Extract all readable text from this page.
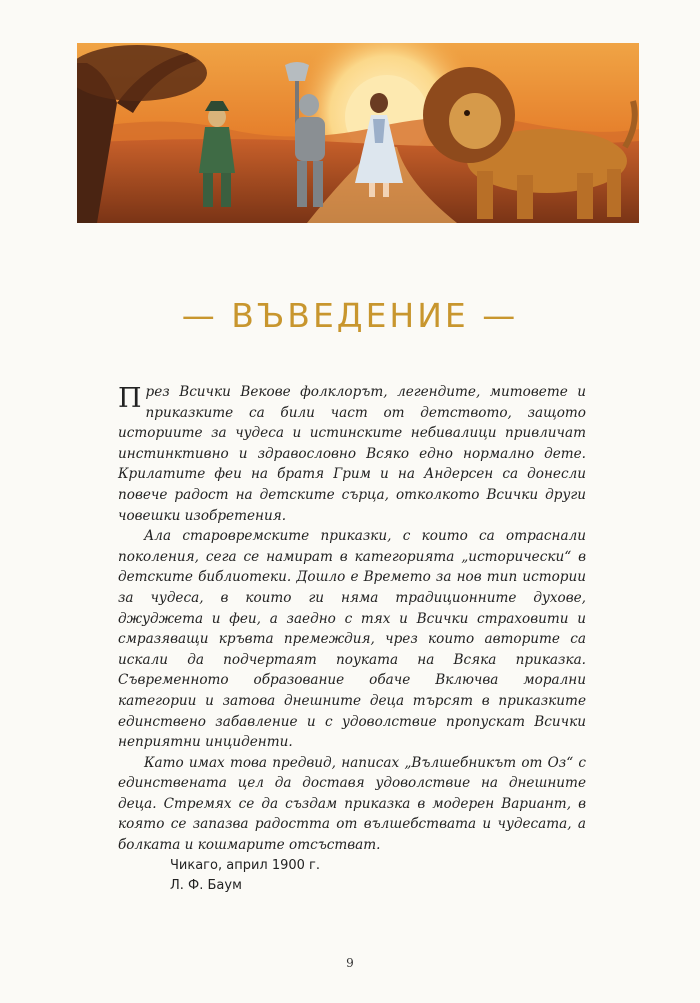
— ВЪВЕДЕНИЕ —

През Всички Векове фолклорът, легендите, митовете и приказките са били част от детството, защото историите за чудеса и истинските небивалици привличат инстинктивно и здравословно Всяко едно нормално дете. Крилатите феи на братя Грим и на Андерсен са донесли повече радост на детските сърца, отколкото Всички други човешки изобретения.

Ала старовремските приказки, с които са отраснали поколения, сега се намират в категорията „исторически“ в детските библиотеки. Дошло е Времето за нов тип истории за чудеса, в които ги няма традиционните духове, джуджета и феи, а заедно с тях и Всички страховити и смразяващи кръвта премеждия, чрез които авторите са искали да подчертаят поуката на Всяка приказка. Съвременното образование обаче Включва морални категории и затова днешните деца търсят в приказките единствено забавление и с удоволствие пропускат Всички неприятни инциденти.

Като имах това предвид, написах „Вълшебникът от Оз“ с единствената цел да доставя удоволствие на днешните деца. Стремях се да създам приказка в модерен Вариант, в която се запазва радостта от вълшебствата и чудесата, а болката и кошмарите отсъстват.

Чикаго, април 1900 г.

Л. Ф. Баум

9
